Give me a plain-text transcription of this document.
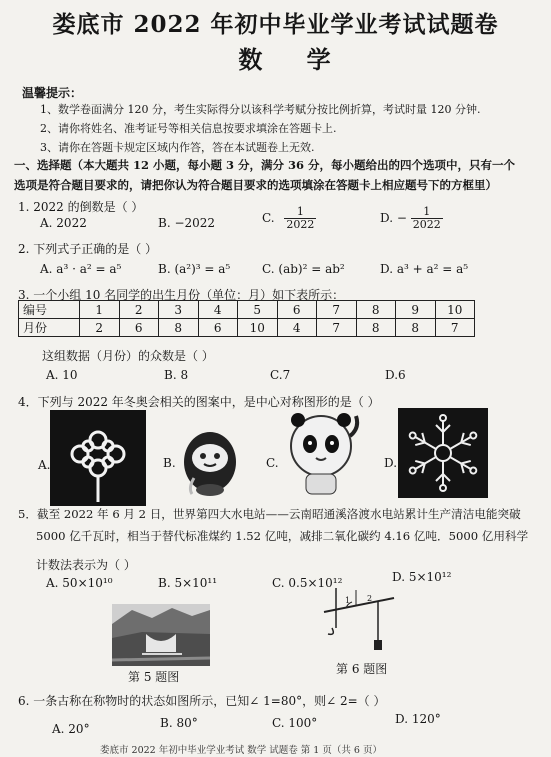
娄底市 2022 年初中毕业学业考试试题卷
数 学
温馨提示：
1、数学卷面满分 120 分，考生实际得分以该科学考赋分按比例折算，考试时量 120 分钟.
2、请你将姓名、准考证号等相关信息按要求填涂在答题卡上.
3、请你在答题卡规定区域内作答，答在本试题卷上无效.
一、选择题（本大题共 12 小题，每小题 3 分，满分 36 分，每小题给出的四个选项中，只有一个
选项是符合题目要求的，请把你认为符合题目要求的选项填涂在答题卡上相应题号下的方框里）
1. 2022 的倒数是（ ）
A. 2022	B. −2022	C. $\frac{1}{2022}$	D. − $\frac{1}{2022}$
2. 下列式子正确的是（ ）
A. a³ · a² = a⁵	B. (a²)³ = a⁵	C. (ab)² = ab²	D. a³ + a² = a⁵
3. 一个小组 10 名同学的出生月份（单位：月）如下表所示：
编号	1	2	3	4	5	6	7	8	9	10
月份	2	6	8	6	10	4	7	8	8	7
这组数据（月份）的众数是（ ）
A. 10	B. 8	C.7	D.6
4．下列与 2022 年冬奥会相关的图案中，是中心对称图形的是（ ）
A.	B.	C.	D.
5．截至 2022 年 6 月 2 日，世界第四大水电站——云南昭通溪洛渡水电站累计生产清洁电能突破
5000 亿千瓦时，相当于替代标准煤约 1.52 亿吨，减排二氧化碳约 4.16 亿吨．5000 亿用科学
计数法表示为（ ）
A. 50×10¹⁰	B. 5×10¹¹	C. 0.5×10¹²	D. 5×10¹²
第 5 题图
1 2
第 6 题图
6. 一条古称在称物时的状态如图所示，已知∠ 1=80°，则∠ 2=（ ）
A. 20°	B. 80°	C. 100°	D. 120°
娄底市 2022 年初中毕业学业考试 数学 试题卷 第 1 页（共 6 页）
